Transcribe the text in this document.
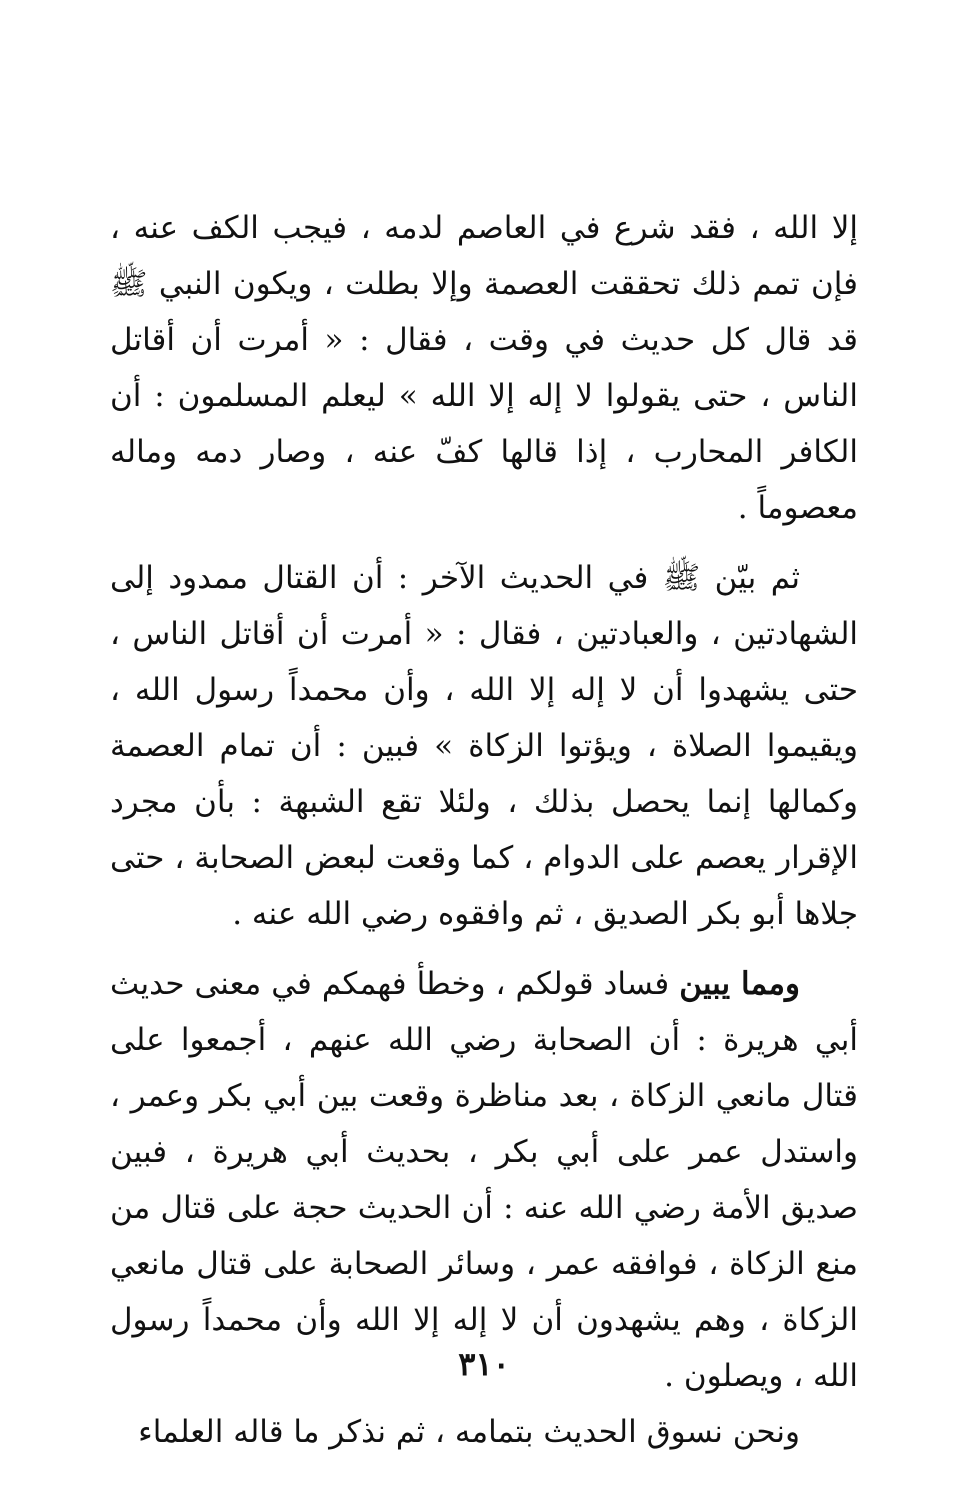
إلا الله ، فقد شرع في العاصم لدمه ، فيجب الكف عنه ، فإن تمم ذلك تحققت العصمة وإلا بطلت ، ويكون النبي ﷺ قد قال كل حديث في وقت ، فقال : « أمرت أن أقاتل الناس ، حتى يقولوا لا إله إلا الله » ليعلم المسلمون : أن الكافر المحارب ، إذا قالها كفّ عنه ، وصار دمه وماله معصوماً .

ثم بيّن ﷺ في الحديث الآخر : أن القتال ممدود إلى الشهادتين ، والعبادتين ، فقال : « أمرت أن أقاتل الناس ، حتى يشهدوا أن لا إله إلا الله ، وأن محمداً رسول الله ، ويقيموا الصلاة ، ويؤتوا الزكاة » فبين : أن تمام العصمة وكمالها إنما يحصل بذلك ، ولئلا تقع الشبهة : بأن مجرد الإقرار يعصم على الدوام ، كما وقعت لبعض الصحابة ، حتى جلاها أبو بكر الصديق ، ثم وافقوه رضي الله عنه .

ومما يبين فساد قولكم ، وخطأ فهمكم في معنى حديث أبي هريرة : أن الصحابة رضي الله عنهم ، أجمعوا على قتال مانعي الزكاة ، بعد مناظرة وقعت بين أبي بكر وعمر ، واستدل عمر على أبي بكر ، بحديث أبي هريرة ، فبين صديق الأمة رضي الله عنه : أن الحديث حجة على قتال من منع الزكاة ، فوافقه عمر ، وسائر الصحابة على قتال مانعي الزكاة ، وهم يشهدون أن لا إله إلا الله وأن محمداً رسول الله ، ويصلون .

ونحن نسوق الحديث بتمامه ، ثم نذكر ما قاله العلماء

٣١٠
